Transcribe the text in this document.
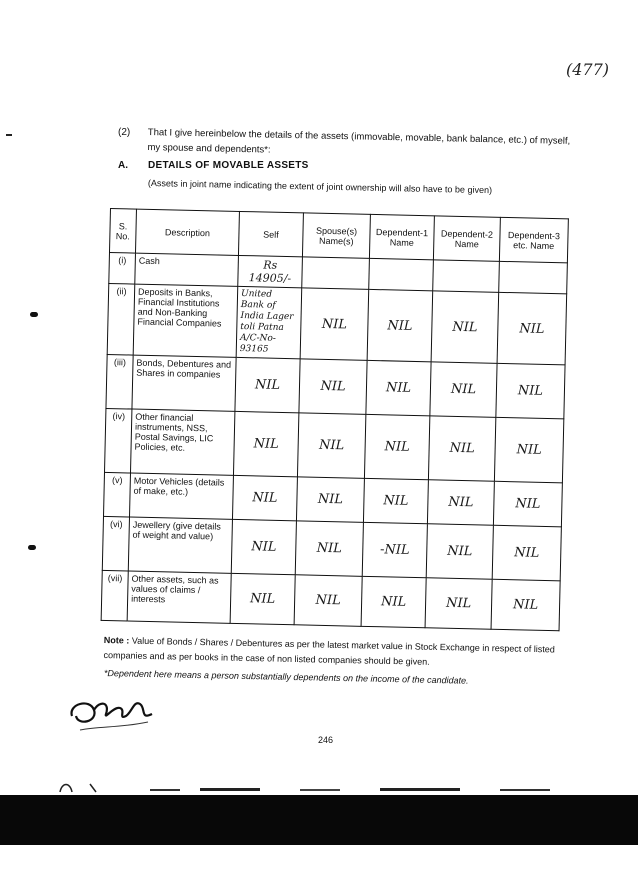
(477)
(2) That I give hereinbelow the details of the assets (immovable, movable, bank balance, etc.) of myself, my spouse and dependents*:
A. DETAILS OF MOVABLE ASSETS
(Assets in joint name indicating the extent of joint ownership will also have to be given)
S. No.	Description	Self	Spouse(s) Name(s)	Dependent-1 Name	Dependent-2 Name	Dependent-3 etc. Name
(i)	Cash	Rs 14905/-				
(ii)	Deposits in Banks, Financial Institutions and Non-Banking Financial Companies	United Bank of India Lager toli Patna A/C-No-93165	NIL	NIL	NIL	NIL
(iii)	Bonds, Debentures and Shares in companies	NIL	NIL	NIL	NIL	NIL
(iv)	Other financial instruments, NSS, Postal Savings, LIC Policies, etc.	NIL	NIL	NIL	NIL	NIL
(v)	Motor Vehicles (details of make, etc.)	NIL	NIL	NIL	NIL	NIL
(vi)	Jewellery (give details of weight and value)	NIL	NIL	-NIL	NIL	NIL
(vii)	Other assets, such as values of claims / interests	NIL	NIL	NIL	NIL	NIL
Note : Value of Bonds / Shares / Debentures as per the latest market value in Stock Exchange in respect of listed companies and as per books in the case of non listed companies should be given.
*Dependent here means a person substantially dependents on the income of the candidate.
246
